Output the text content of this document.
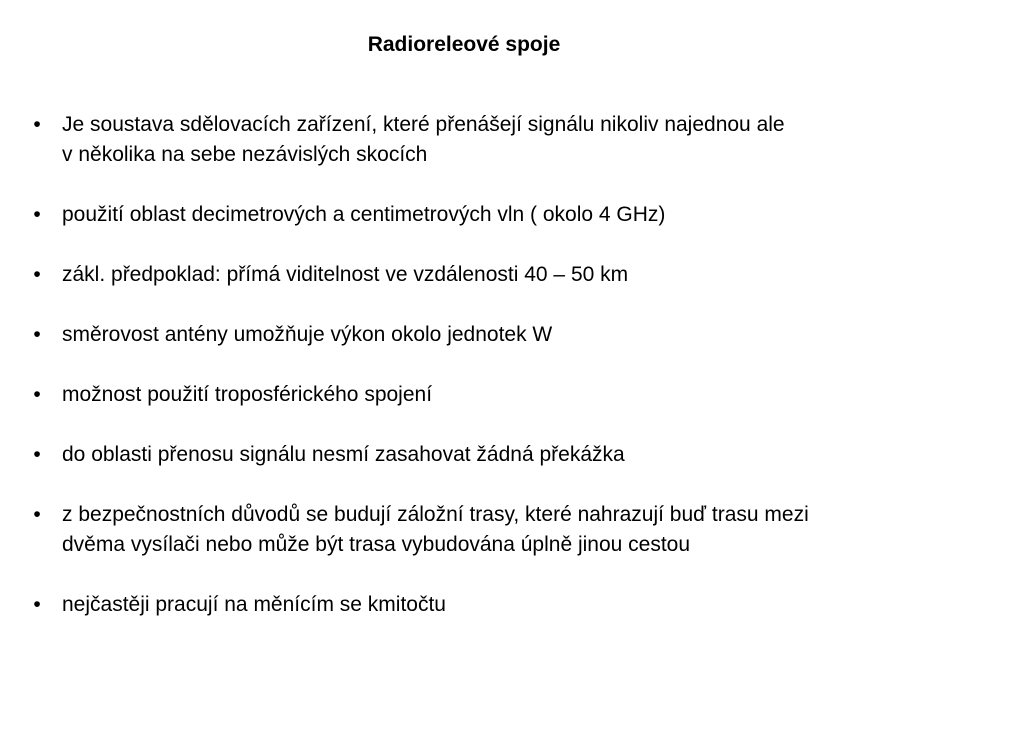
Radioreleové spoje
• Je soustava sdělovacích zařízení, které přenášejí signálu nikoliv najednou ale
v několika na sebe nezávislých skocích
• použití oblast decimetrových a centimetrových vln ( okolo 4 GHz)
• zákl. předpoklad: přímá viditelnost ve vzdálenosti 40 – 50 km
• směrovost antény umožňuje výkon okolo jednotek W
• možnost použití troposférického spojení
• do oblasti přenosu signálu nesmí zasahovat žádná překážka
• z bezpečnostních důvodů se budují záložní trasy, které nahrazují buď trasu mezi
dvěma vysílači nebo může být trasa vybudována úplně jinou cestou
• nejčastěji pracují na měnícím se kmitočtu
